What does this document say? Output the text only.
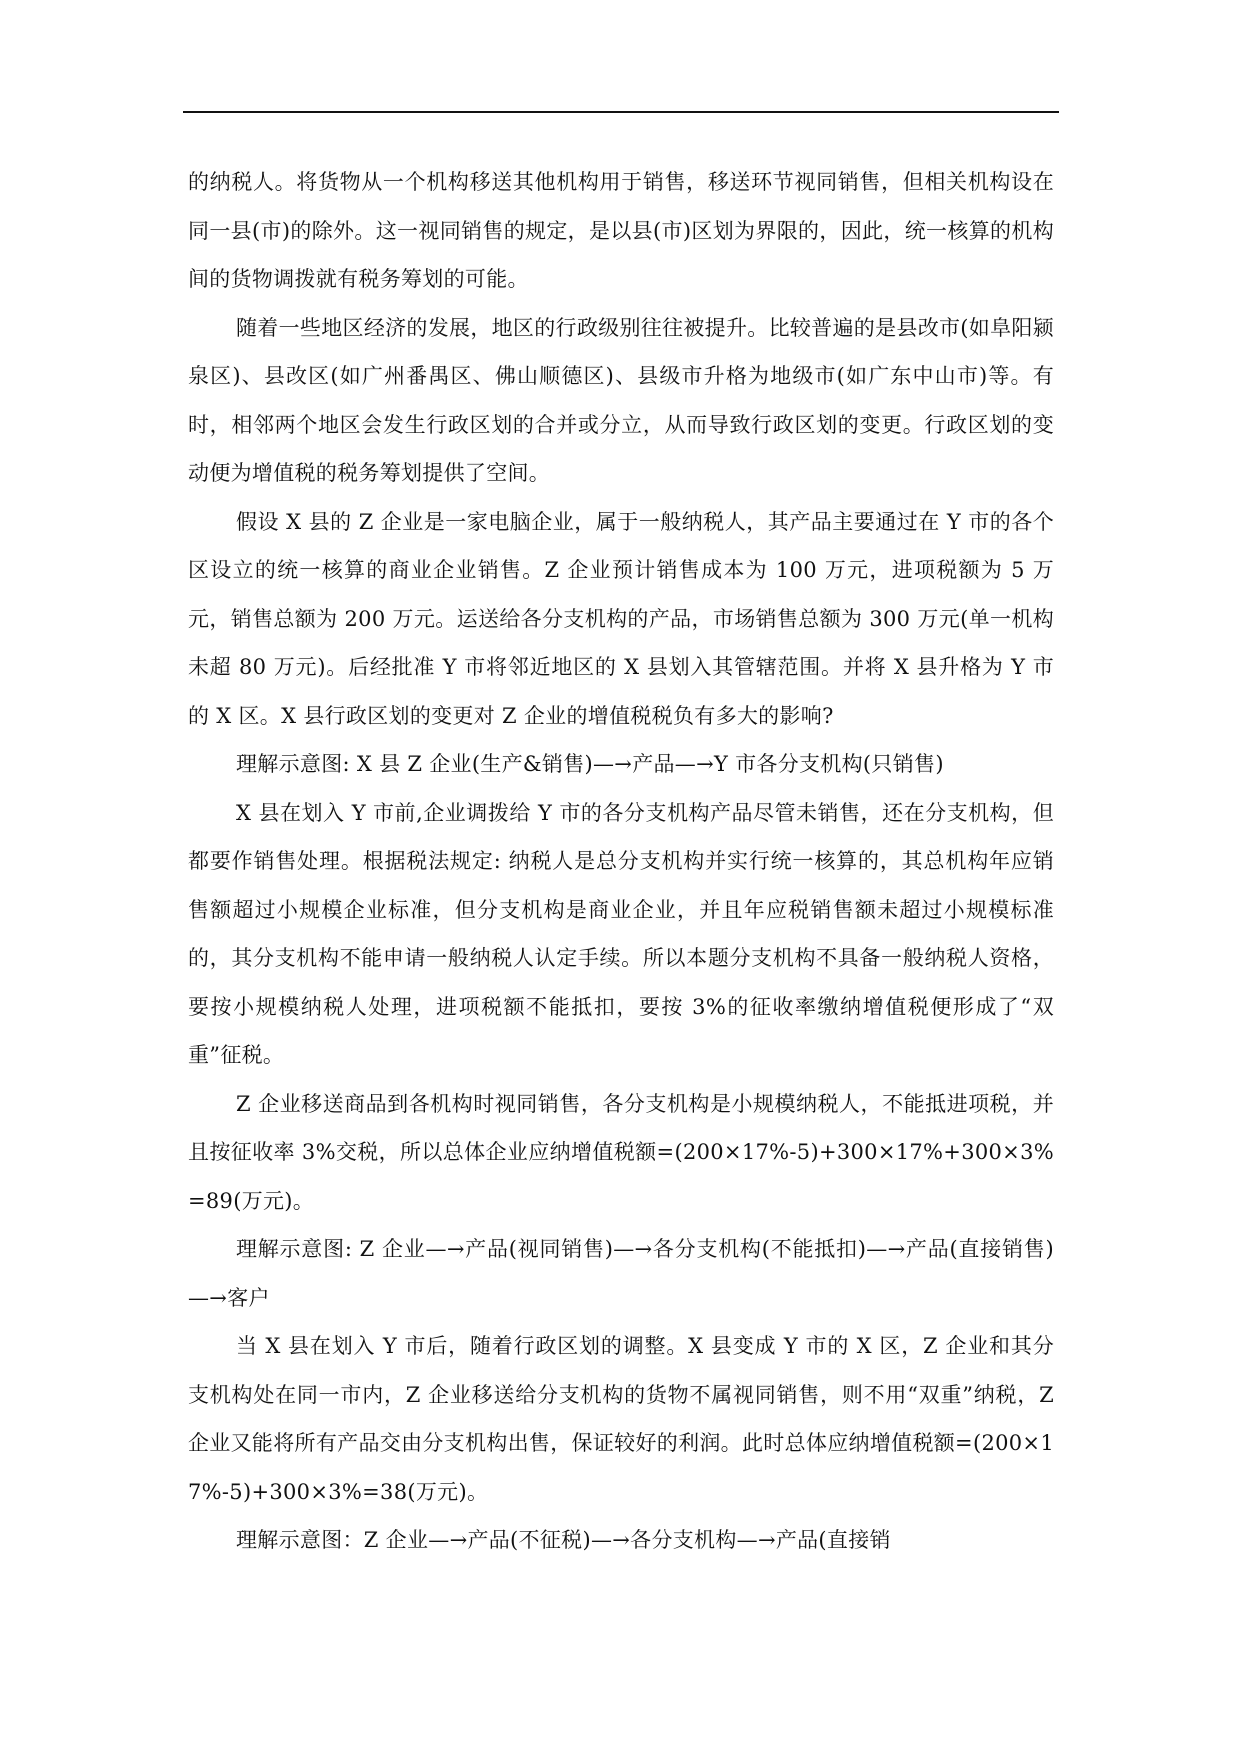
的纳税人。将货物从一个机构移送其他机构用于销售，移送环节视同销售，但相关机构设在同一县(市)的除外。这一视同销售的规定，是以县(市)区划为界限的，因此，统一核算的机构间的货物调拨就有税务筹划的可能。

随着一些地区经济的发展，地区的行政级别往往被提升。比较普遍的是县改市(如阜阳颍泉区)、县改区(如广州番禺区、佛山顺德区)、县级市升格为地级市(如广东中山市)等。有时，相邻两个地区会发生行政区划的合并或分立，从而导致行政区划的变更。行政区划的变动便为增值税的税务筹划提供了空间。

假设 X 县的 Z 企业是一家电脑企业，属于一般纳税人，其产品主要通过在 Y 市的各个区设立的统一核算的商业企业销售。Z 企业预计销售成本为 100 万元，进项税额为 5 万元，销售总额为 200 万元。运送给各分支机构的产品，市场销售总额为 300 万元(单一机构未超 80 万元)。后经批准 Y 市将邻近地区的 X 县划入其管辖范围。并将 X 县升格为 Y 市的 X 区。X 县行政区划的变更对 Z 企业的增值税税负有多大的影响?

理解示意图: X 县 Z 企业(生产&销售)—→产品—→Y 市各分支机构(只销售)

X 县在划入 Y 市前,企业调拨给 Y 市的各分支机构产品尽管未销售，还在分支机构，但都要作销售处理。根据税法规定: 纳税人是总分支机构并实行统一核算的，其总机构年应销售额超过小规模企业标准，但分支机构是商业企业，并且年应税销售额未超过小规模标准的，其分支机构不能申请一般纳税人认定手续。所以本题分支机构不具备一般纳税人资格，要按小规模纳税人处理，进项税额不能抵扣，要按 3%的征收率缴纳增值税便形成了“双重”征税。

Z 企业移送商品到各机构时视同销售，各分支机构是小规模纳税人，不能抵进项税，并且按征收率 3%交税，所以总体企业应纳增值税额=(200×17%-5)+300×17%+300×3%=89(万元)。

理解示意图: Z 企业—→产品(视同销售)—→各分支机构(不能抵扣)—→产品(直接销售)—→客户

当 X 县在划入 Y 市后，随着行政区划的调整。X 县变成 Y 市的 X 区，Z 企业和其分支机构处在同一市内，Z 企业移送给分支机构的货物不属视同销售，则不用“双重”纳税，Z 企业又能将所有产品交由分支机构出售，保证较好的利润。此时总体应纳增值税额=(200×17%-5)+300×3%=38(万元)。

理解示意图：Z 企业—→产品(不征税)—→各分支机构—→产品(直接销
